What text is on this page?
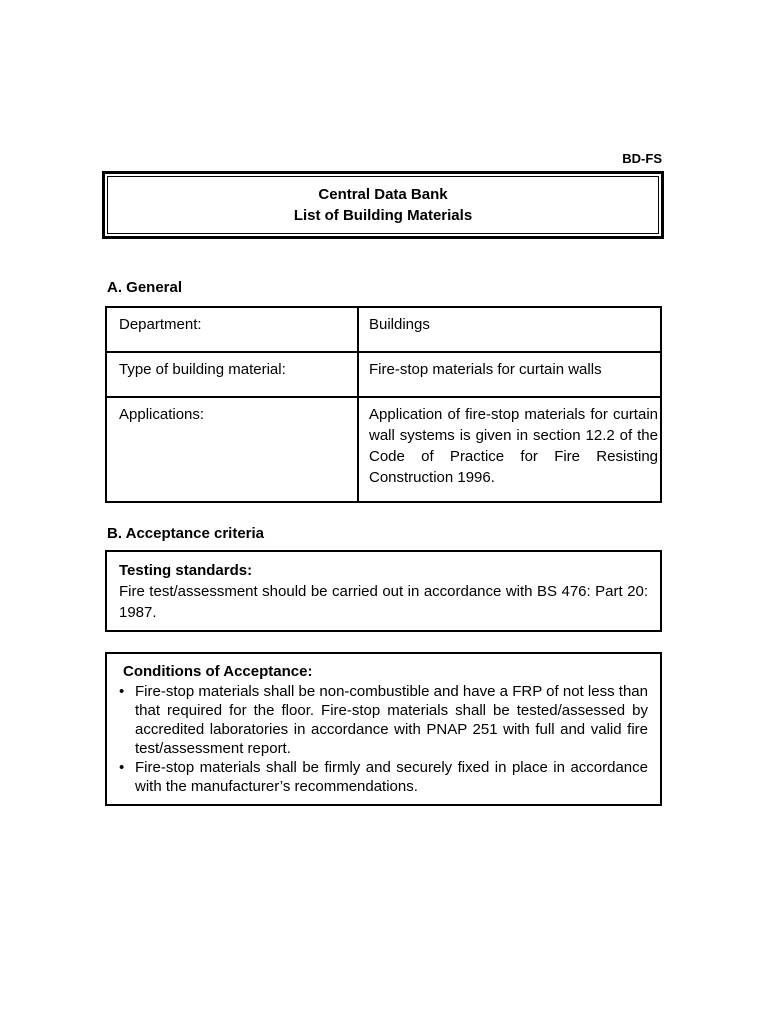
BD-FS
Central Data Bank
List of Building Materials
A. General
Department:	Buildings
Type of building material:	Fire-stop materials for curtain walls
Applications:	Application of fire-stop materials for curtain wall systems is given in section 12.2 of the Code of Practice for Fire Resisting Construction 1996.
B. Acceptance criteria
Testing standards:
Fire test/assessment should be carried out in accordance with BS 476: Part 20: 1987.
Conditions of Acceptance:
• Fire-stop materials shall be non-combustible and have a FRP of not less than that required for the floor. Fire-stop materials shall be tested/assessed by accredited laboratories in accordance with PNAP 251 with full and valid fire test/assessment report.
• Fire-stop materials shall be firmly and securely fixed in place in accordance with the manufacturer’s recommendations.
